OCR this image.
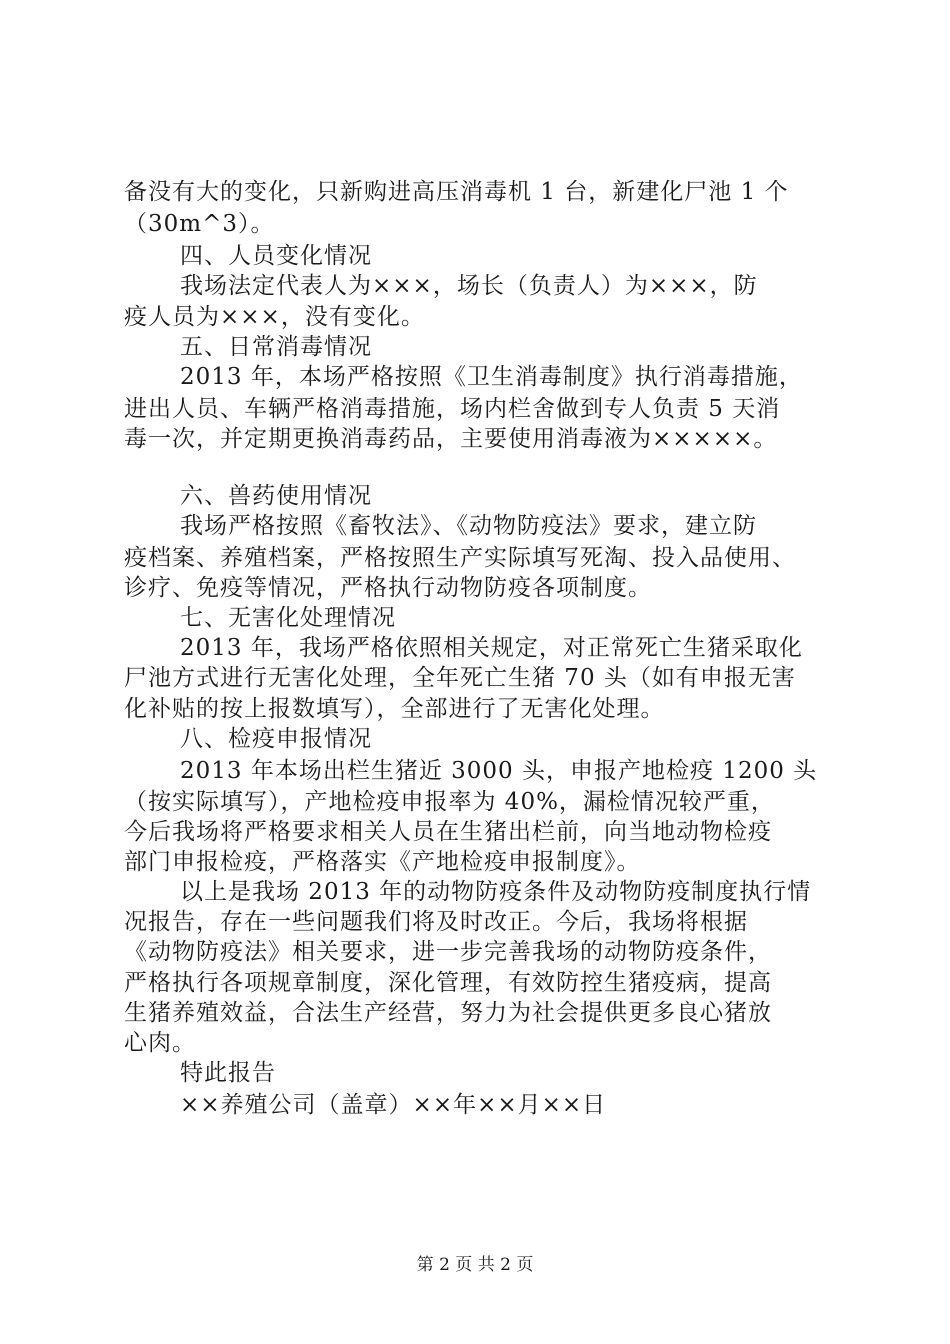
备没有大的变化，只新购进高压消毒机 1 台，新建化尸池 1 个
（30m^3）。
四、人员变化情况
我场法定代表人为×××，场长（负责人）为×××，防
疫人员为×××，没有变化。
五、日常消毒情况
2013 年，本场严格按照《卫生消毒制度》执行消毒措施，
进出人员、车辆严格消毒措施，场内栏舍做到专人负责 5 天消
毒一次，并定期更换消毒药品，主要使用消毒液为×××××。
六、兽药使用情况
我场严格按照《畜牧法》、《动物防疫法》要求，建立防
疫档案、养殖档案，严格按照生产实际填写死淘、投入品使用、
诊疗、免疫等情况，严格执行动物防疫各项制度。
七、无害化处理情况
2013 年，我场严格依照相关规定，对正常死亡生猪采取化
尸池方式进行无害化处理，全年死亡生猪 70 头（如有申报无害
化补贴的按上报数填写），全部进行了无害化处理。
八、检疫申报情况
2013 年本场出栏生猪近 3000 头，申报产地检疫 1200 头
（按实际填写），产地检疫申报率为 40%，漏检情况较严重，
今后我场将严格要求相关人员在生猪出栏前，向当地动物检疫
部门申报检疫，严格落实《产地检疫申报制度》。
以上是我场 2013 年的动物防疫条件及动物防疫制度执行情
况报告，存在一些问题我们将及时改正。今后，我场将根据
《动物防疫法》相关要求，进一步完善我场的动物防疫条件，
严格执行各项规章制度，深化管理，有效防控生猪疫病，提高
生猪养殖效益，合法生产经营，努力为社会提供更多良心猪放
心肉。
特此报告
××养殖公司（盖章）××年××月××日
第 2 页 共 2 页
